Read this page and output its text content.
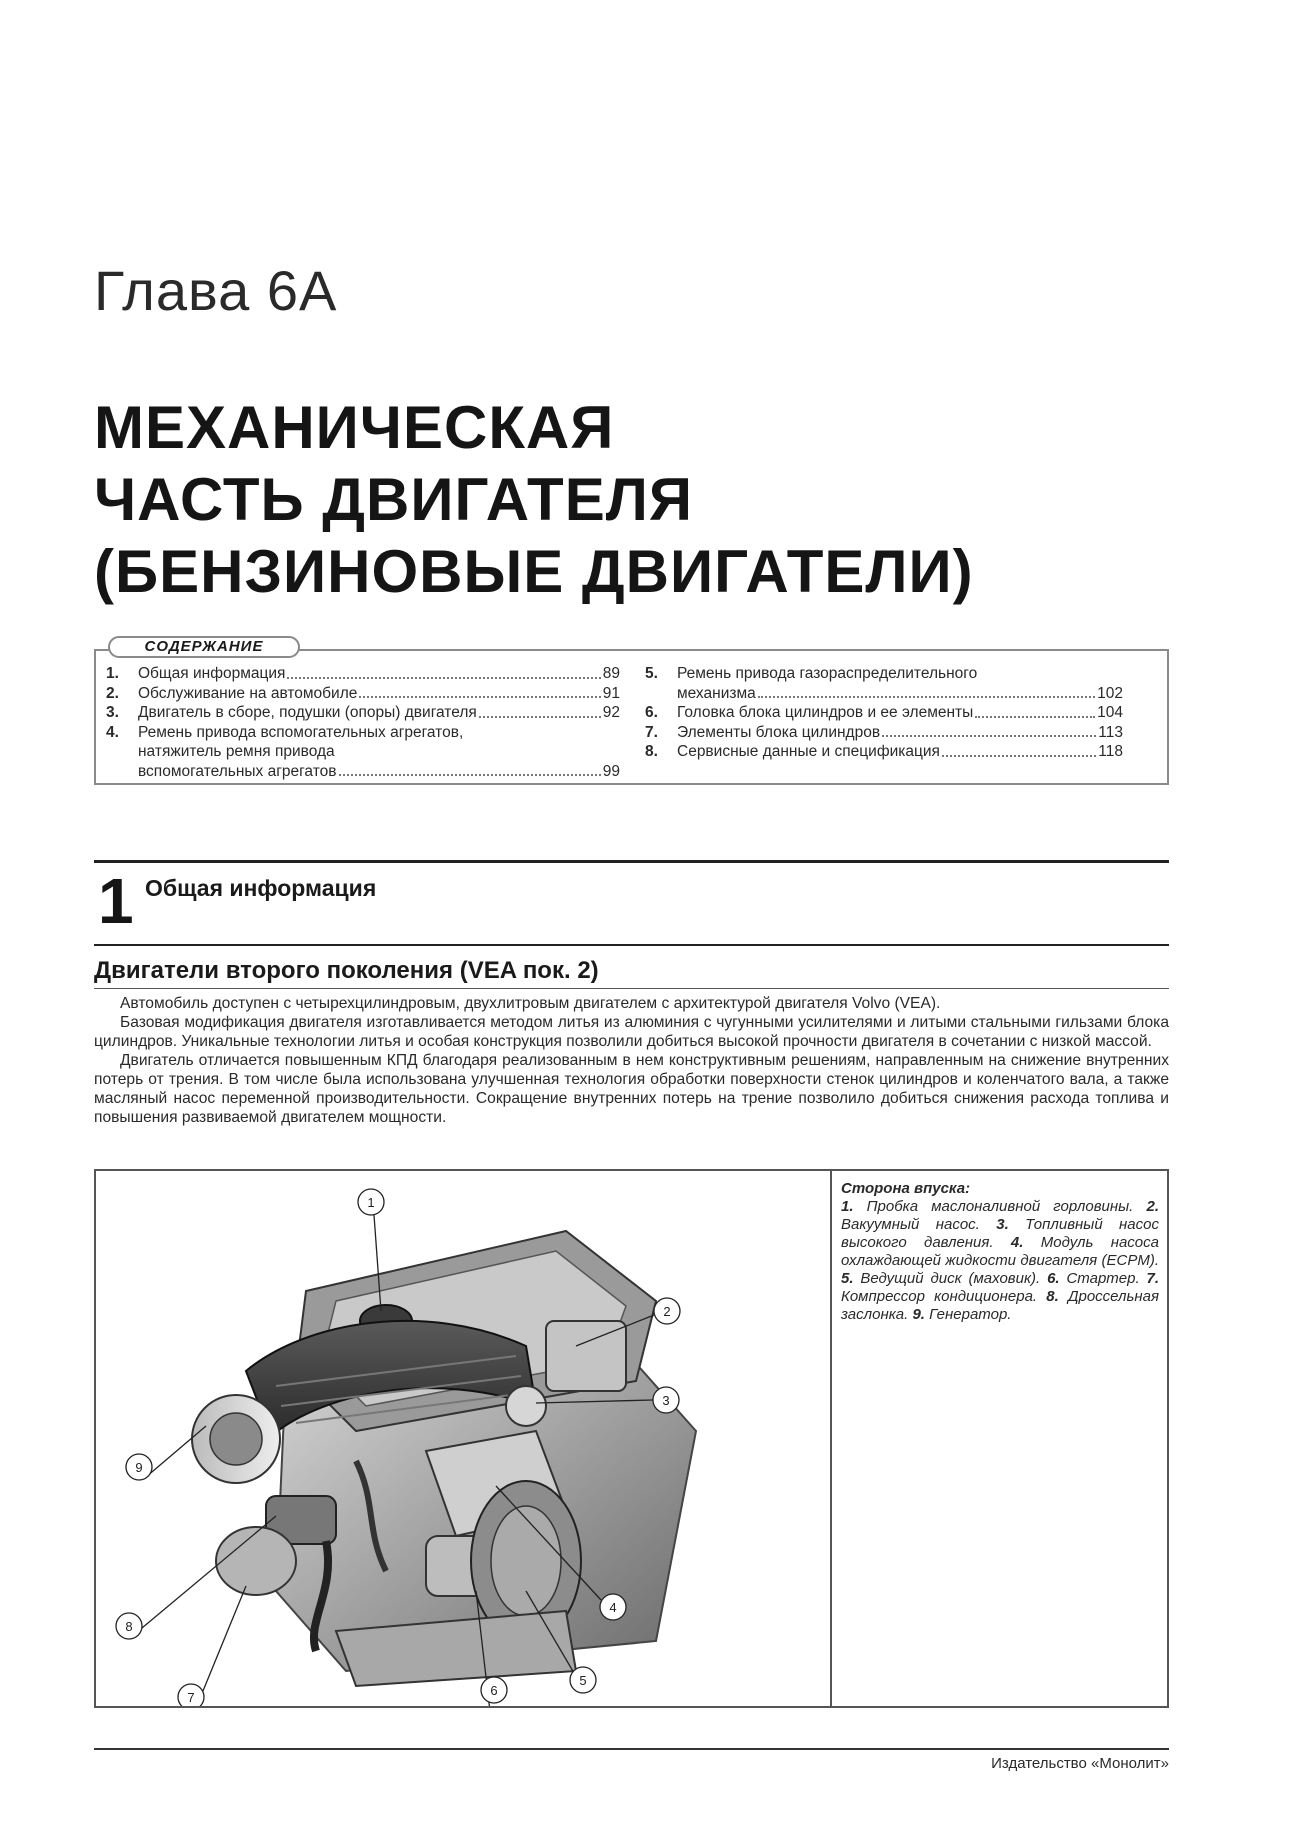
Глава 6А
МЕХАНИЧЕСКАЯ
ЧАСТЬ ДВИГАТЕЛЯ
(БЕНЗИНОВЫЕ ДВИГАТЕЛИ)
СОДЕРЖАНИЕ
1.	Общая информация	89
2.	Обслуживание на автомобиле	91
3.	Двигатель в сборе, подушки (опоры) двигателя	92
4.	Ремень привода вспомогательных агрегатов,
натяжитель ремня привода
вспомогательных агрегатов	99
5.	Ремень привода газораспределительного
механизма	102
6.	Головка блока цилиндров и ее элементы	104
7.	Элементы блока цилиндров	113
8.	Сервисные данные и спецификация	118
1 Общая информация
Двигатели второго поколения (VEA пок. 2)

Автомобиль доступен с четырехцилиндровым, двухлитровым двигателем с архитектурой двигателя Volvo (VEA).

Базовая модификация двигателя изготавливается методом литья из алюминия с чугунными усилителями и литыми стальными гильзами блока цилиндров. Уникальные технологии литья и особая конструкция позволили добиться высокой прочности двигателя в сочетании с низкой массой.

Двигатель отличается повышенным КПД благодаря реализованным в нем конструктивным решениям, направленным на снижение внутренних потерь от трения. В том числе была использована улучшенная технология обработки поверхности стенок цилиндров и коленчатого вала, а также масляный насос переменной производительности. Сокращение внутренних потерь на трение позволило добиться снижения расхода топлива и повышения развиваемой двигателем мощности.

1
2
3
4
5
7
8
9
6
Сторона впуска:
1. Пробка маслоналивной горловины. 2. Вакуумный насос. 3. Топливный насос высокого давления. 4. Модуль насоса охлаждающей жидкости двигателя (ECPM). 5. Ведущий диск (маховик). 6. Стартер. 7. Компрессор кондиционера. 8. Дроссельная заслонка. 9. Генератор.
Издательство «Монолит»
